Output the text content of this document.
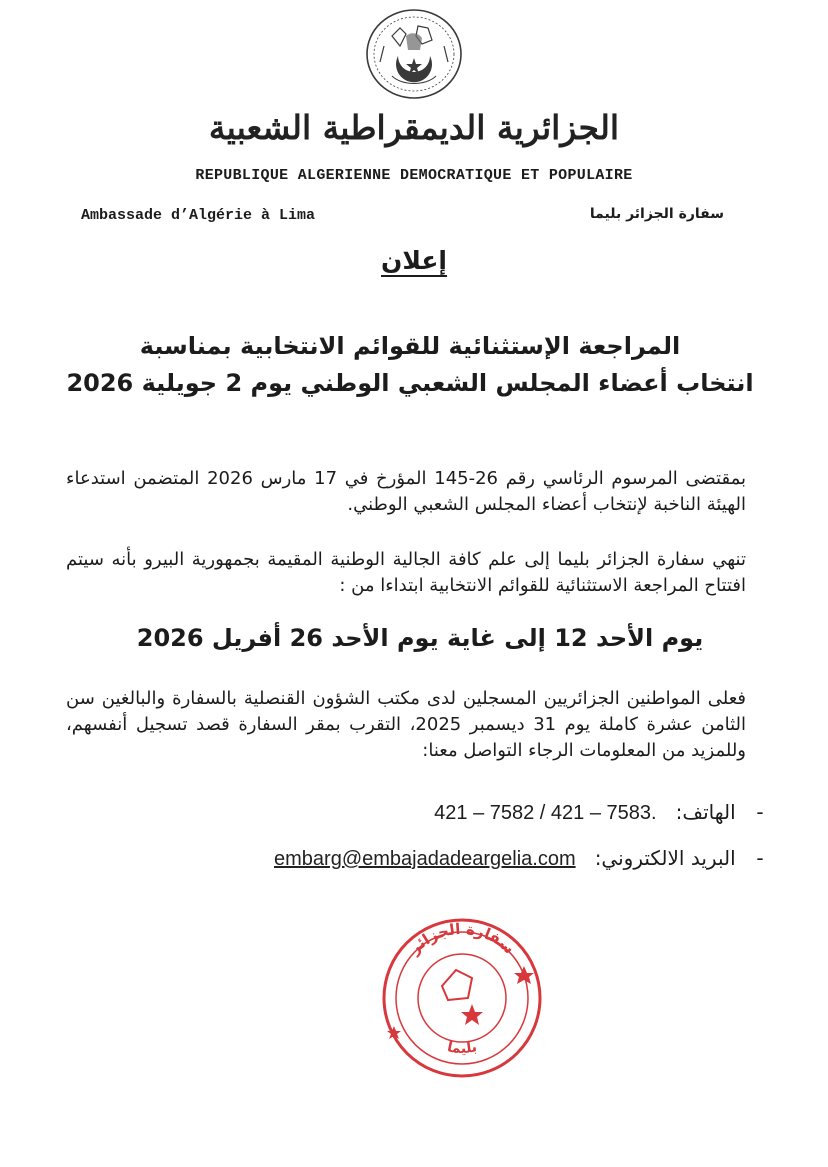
الجزائرية الديمقراطية الشعبية
REPUBLIQUE ALGERIENNE DEMOCRATIQUE ET POPULAIRE
Ambassade d’Algérie à Lima	سفارة الجزائر بليما
إعلان
المراجعة الإستثنائية للقوائم الانتخابية بمناسبة
انتخاب أعضاء المجلس الشعبي الوطني يوم 2 جويلية 2026
بمقتضى المرسوم الرئاسي رقم 26-145 المؤرخ في 17 مارس 2026 المتضمن استدعاء الهيئة الناخبة لإنتخاب أعضاء المجلس الشعبي الوطني.
تنهي سفارة الجزائر بليما إلى علم كافة الجالية الوطنية المقيمة بجمهورية البيرو بأنه سيتم افتتاح المراجعة الاستثنائية للقوائم الانتخابية ابتداءا من :
يوم الأحد 12 إلى غاية يوم الأحد 26 أفريل 2026
فعلى المواطنين الجزائريين المسجلين لدى مكتب الشؤون القنصلية بالسفارة والبالغين سن الثامن عشرة كاملة يوم 31 ديسمبر 2025، التقرب بمقر السفارة قصد تسجيل أنفسهم، وللمزيد من المعلومات الرجاء التواصل معنا:
- الهاتف:   421 – 7582 / 421 – 7583.
- البريد الالكتروني:   embarg@embajadadeargelia.com
سفارة الجزائر
بليما
